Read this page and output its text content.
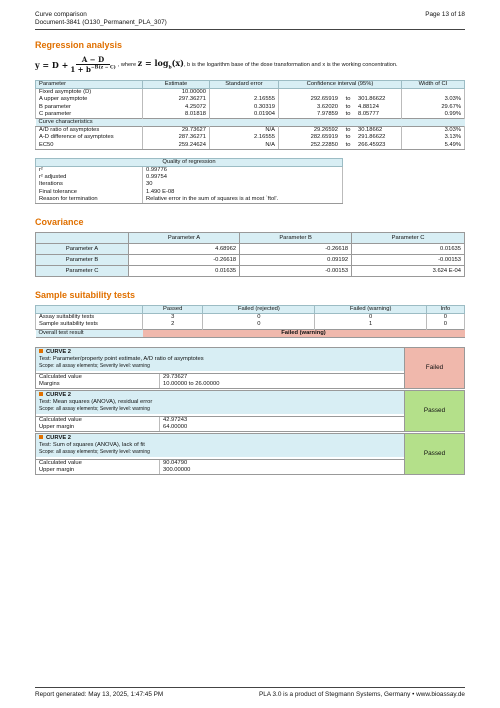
Curve comparison
Document-3841 (O130_Permanent_PLA_307)
Page 13 of 18
Regression analysis
$y = D + \frac{A - D}{1 + b^{-B(z - C)}}$ , where
$z = \log_b(x)$ , b is the logarithm base of the dose transformation and x is the working concentration.
Parameter	Estimate	Standard error	Confidence interval (95%)			Width of CI
Fixed asymptote (D)	10.00000					
A upper asymptote	297.36271	2.16555	292.65919	to	301.86622	3.03%
B parameter	4.25072	0.30319	3.62020	to	4.88124	29.67%
C parameter	8.01818	0.01904	7.97859	to	8.05777	0.99%
Curve characteristics						
A/D ratio of asymptotes	29.73627	N/A	29.26592	to	30.18662	3.03%
A-D difference of asymptotes	287.36271	2.16555	282.65919	to	291.86622	3.13%
EC50	259.24624	N/A	252.22850	to	266.45923	5.49%
Quality of regression	
r²	0.99776
r² adjusted	0.99754
Iterations	30
Final tolerance	1.490 E-08
Reason for termination	Relative error in the sum of squares is at most `ftol'.
Covariance
	Parameter A	Parameter B	Parameter C
Parameter A	4.68962	-0.26618	0.01635
Parameter B	-0.26618	0.09192	-0.00153
Parameter C	0.01635	-0.00153	3.624 E-04
Sample suitability tests
	Passed	Failed (rejected)	Failed (warning)	Info
Assay suitability tests	3	0	0	0
Sample suitability tests	2	0	1	0
Overall test result	Failed (warning)			
CURVE 2
Test: Parameter/property point estimate, A/D ratio of asymptotes
Scope: all assay elements; Severity level: warning
Calculated value	29.73627
Margins	10.00000 to 26.00000
Failed
CURVE 2
Test: Mean squares (ANOVA), residual error
Scope: all assay elements; Severity level: warning
Calculated value	42.97243
Upper margin	64.00000
Passed
CURVE 2
Test: Sum of squares (ANOVA), lack of fit
Scope: all assay elements; Severity level: warning
Calculated value	90.04790
Upper margin	300.00000
Passed
Report generated: May 13, 2025, 1:47:45 PM	PLA 3.0 is a product of Stegmann Systems, Germany • www.bioassay.de
